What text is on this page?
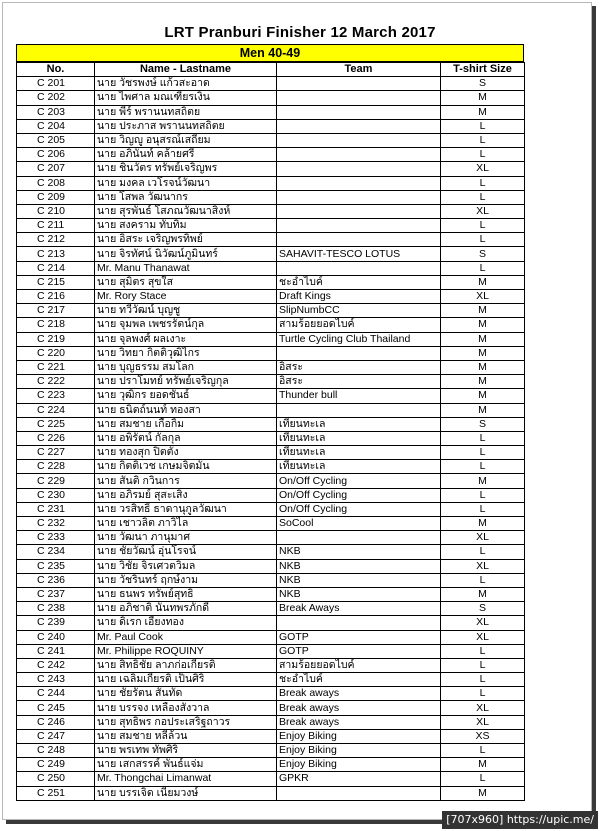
LRT Pranburi Finisher 12 March 2017
Men 40-49
No.	Name - Lastname	Team	T-shirt Size
C 201	นาย วัชรพงษ์ แก้วสะอาด		S
C 202	นาย ไพศาล มณเฑียรเงิน		M
C 203	นาย พีร์ พรานนทสถิตย		M
C 204	นาย ประภาส พรานนทสถิตย		L
C 205	นาย วิญญู อนุสรณ์เสถียม		L
C 206	นาย อภินันท์ คล้ายศรี		L
C 207	นาย ชินวัตร ทรัพย์เจริญพร		XL
C 208	นาย มงคล เวโรจน์วัฒนา		L
C 209	นาย โสพล วัฒนากร		L
C 210	นาย สุรพันธ์ โสภณวัฒนาสิงห์		XL
C 211	นาย สงคราม ทับทิม		L
C 212	นาย อิสระ เจริญพรทิพย์		L
C 213	นาย จิรทัศน์ นิวัฒน์ภูมินทร์	SAHAVIT-TESCO LOTUS	S
C 214	Mr. Manu Thanawat		L
C 215	นาย สุมิตร สุขใส	ชะอำไบค์	M
C 216	Mr. Rory Stace	Draft Kings	XL
C 217	นาย ทวีวัฒน์ บุญชู	SlipNumbCC	M
C 218	นาย จุมพล เพชรรัตน์กุล	สามร้อยยอดไบค์	M
C 219	นาย จุลพงศ์ ผลเงาะ	Turtle Cycling Club Thailand	M
C 220	นาย วิทยา กิตติวุฒิไกร		M
C 221	นาย บุญธรรม สมโลก	อิสระ	M
C 222	นาย ปราโมทย์ ทรัพย์เจริญกุล	อิสระ	M
C 223	นาย วุฒิกร ยอดชันธ์	Thunder bull	M
C 224	นาย ธนิตถ์นนท์ ทองสา		M
C 225	นาย สมชาย เกื้อกิ้ม	เทียนทะเล	S
C 226	นาย อพิรัตน์ กัลกุล	เทียนทะเล	L
C 227	นาย ทองสุก ปิตตัง	เทียนทะเล	L
C 228	นาย กิตติเวช เกษมจิตมั่น	เทียนทะเล	L
C 229	นาย สันติ กวินการ	On/Off Cycling	M
C 230	นาย อภิรมย์ สุสะเสิ่ง	On/Off Cycling	L
C 231	นาย วรสิทธิ์ ธาดานุกูลวัฒนา	On/Off Cycling	L
C 232	นาย เชาวลิต ภาวิไล	SoCool	M
C 233	นาย วัฒนา ภานุมาศ		XL
C 234	นาย ชัยวัฒน์ อุ่นโรจน์	NKB	L
C 235	นาย วิชัย จิรเศวตวิมล	NKB	XL
C 236	นาย วัชรินทร์ ฤกษ์งาม	NKB	L
C 237	นาย ธนพร ทรัพย์สุทธิ	NKB	M
C 238	นาย อภิชาติ นันทพรภักดี	Break Aways	S
C 239	นาย ดิเรก เอี้ยงทอง		XL
C 240	Mr. Paul Cook	GOTP	XL
C 241	Mr. Philippe ROQUINY	GOTP	L
C 242	นาย สิทธิชัย ลาภก่อเกียรติ	สามร้อยยอดไบค์	L
C 243	นาย เฉลิมเกียรติ เป็นศิริ	ชะอำไบค์	L
C 244	นาย ชัยรัตน สันทัด	Break aways	L
C 245	นาย บรรจง เหลืองสังวาล	Break aways	XL
C 246	นาย สุทธิพร กอประเสริฐถาวร	Break aways	XL
C 247	นาย สมชาย หลีล้วน	Enjoy Biking	XS
C 248	นาย พรเทพ ทัพศิริ	Enjoy Biking	L
C 249	นาย เสกสรรค์ พันธ์แจ่ม	Enjoy Biking	M
C 250	Mr. Thongchai Limanwat	GPKR	L
C 251	นาย บรรเจิด เนียมวงษ์		M
[707x960] https://upic.me/
